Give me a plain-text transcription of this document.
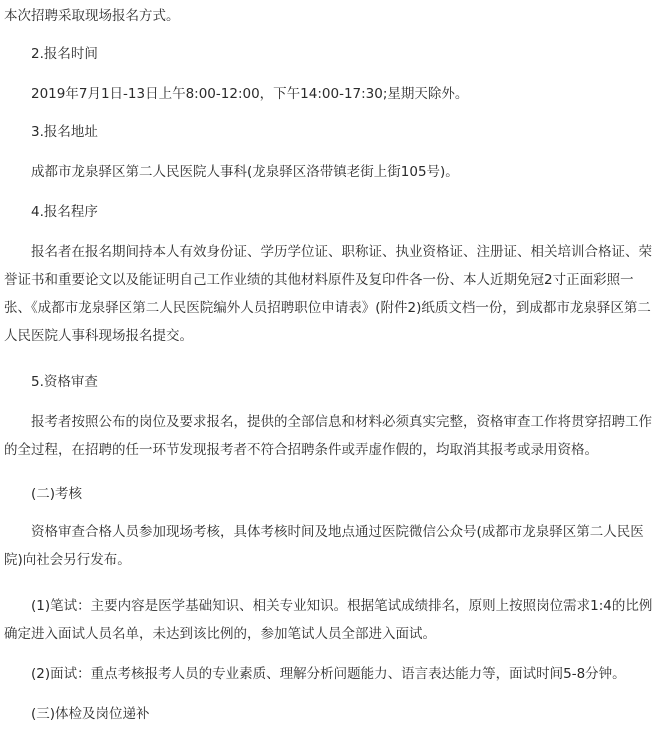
本次招聘采取现场报名方式。

2.报名时间

2019年7月1日-13日上午8:00-12:00，下午14:00-17:30;星期天除外。

3.报名地址

成都市龙泉驿区第二人民医院人事科(龙泉驿区洛带镇老街上街105号)。

4.报名程序

报名者在报名期间持本人有效身份证、学历学位证、职称证、执业资格证、注册证、相关培训合格证、荣誉证书和重要论文以及能证明自己工作业绩的其他材料原件及复印件各一份、本人近期免冠2寸正面彩照一张、《成都市龙泉驿区第二人民医院编外人员招聘职位申请表》(附件2)纸质文档一份，到成都市龙泉驿区第二人民医院人事科现场报名提交。

5.资格审查

报考者按照公布的岗位及要求报名，提供的全部信息和材料必须真实完整，资格审查工作将贯穿招聘工作的全过程，在招聘的任一环节发现报考者不符合招聘条件或弄虚作假的，均取消其报考或录用资格。

(二)考核

资格审查合格人员参加现场考核，具体考核时间及地点通过医院微信公众号(成都市龙泉驿区第二人民医院)向社会另行发布。

(1)笔试：主要内容是医学基础知识、相关专业知识。根据笔试成绩排名，原则上按照岗位需求1:4的比例确定进入面试人员名单，未达到该比例的，参加笔试人员全部进入面试。

(2)面试：重点考核报考人员的专业素质、理解分析问题能力、语言表达能力等，面试时间5-8分钟。

(三)体检及岗位递补
